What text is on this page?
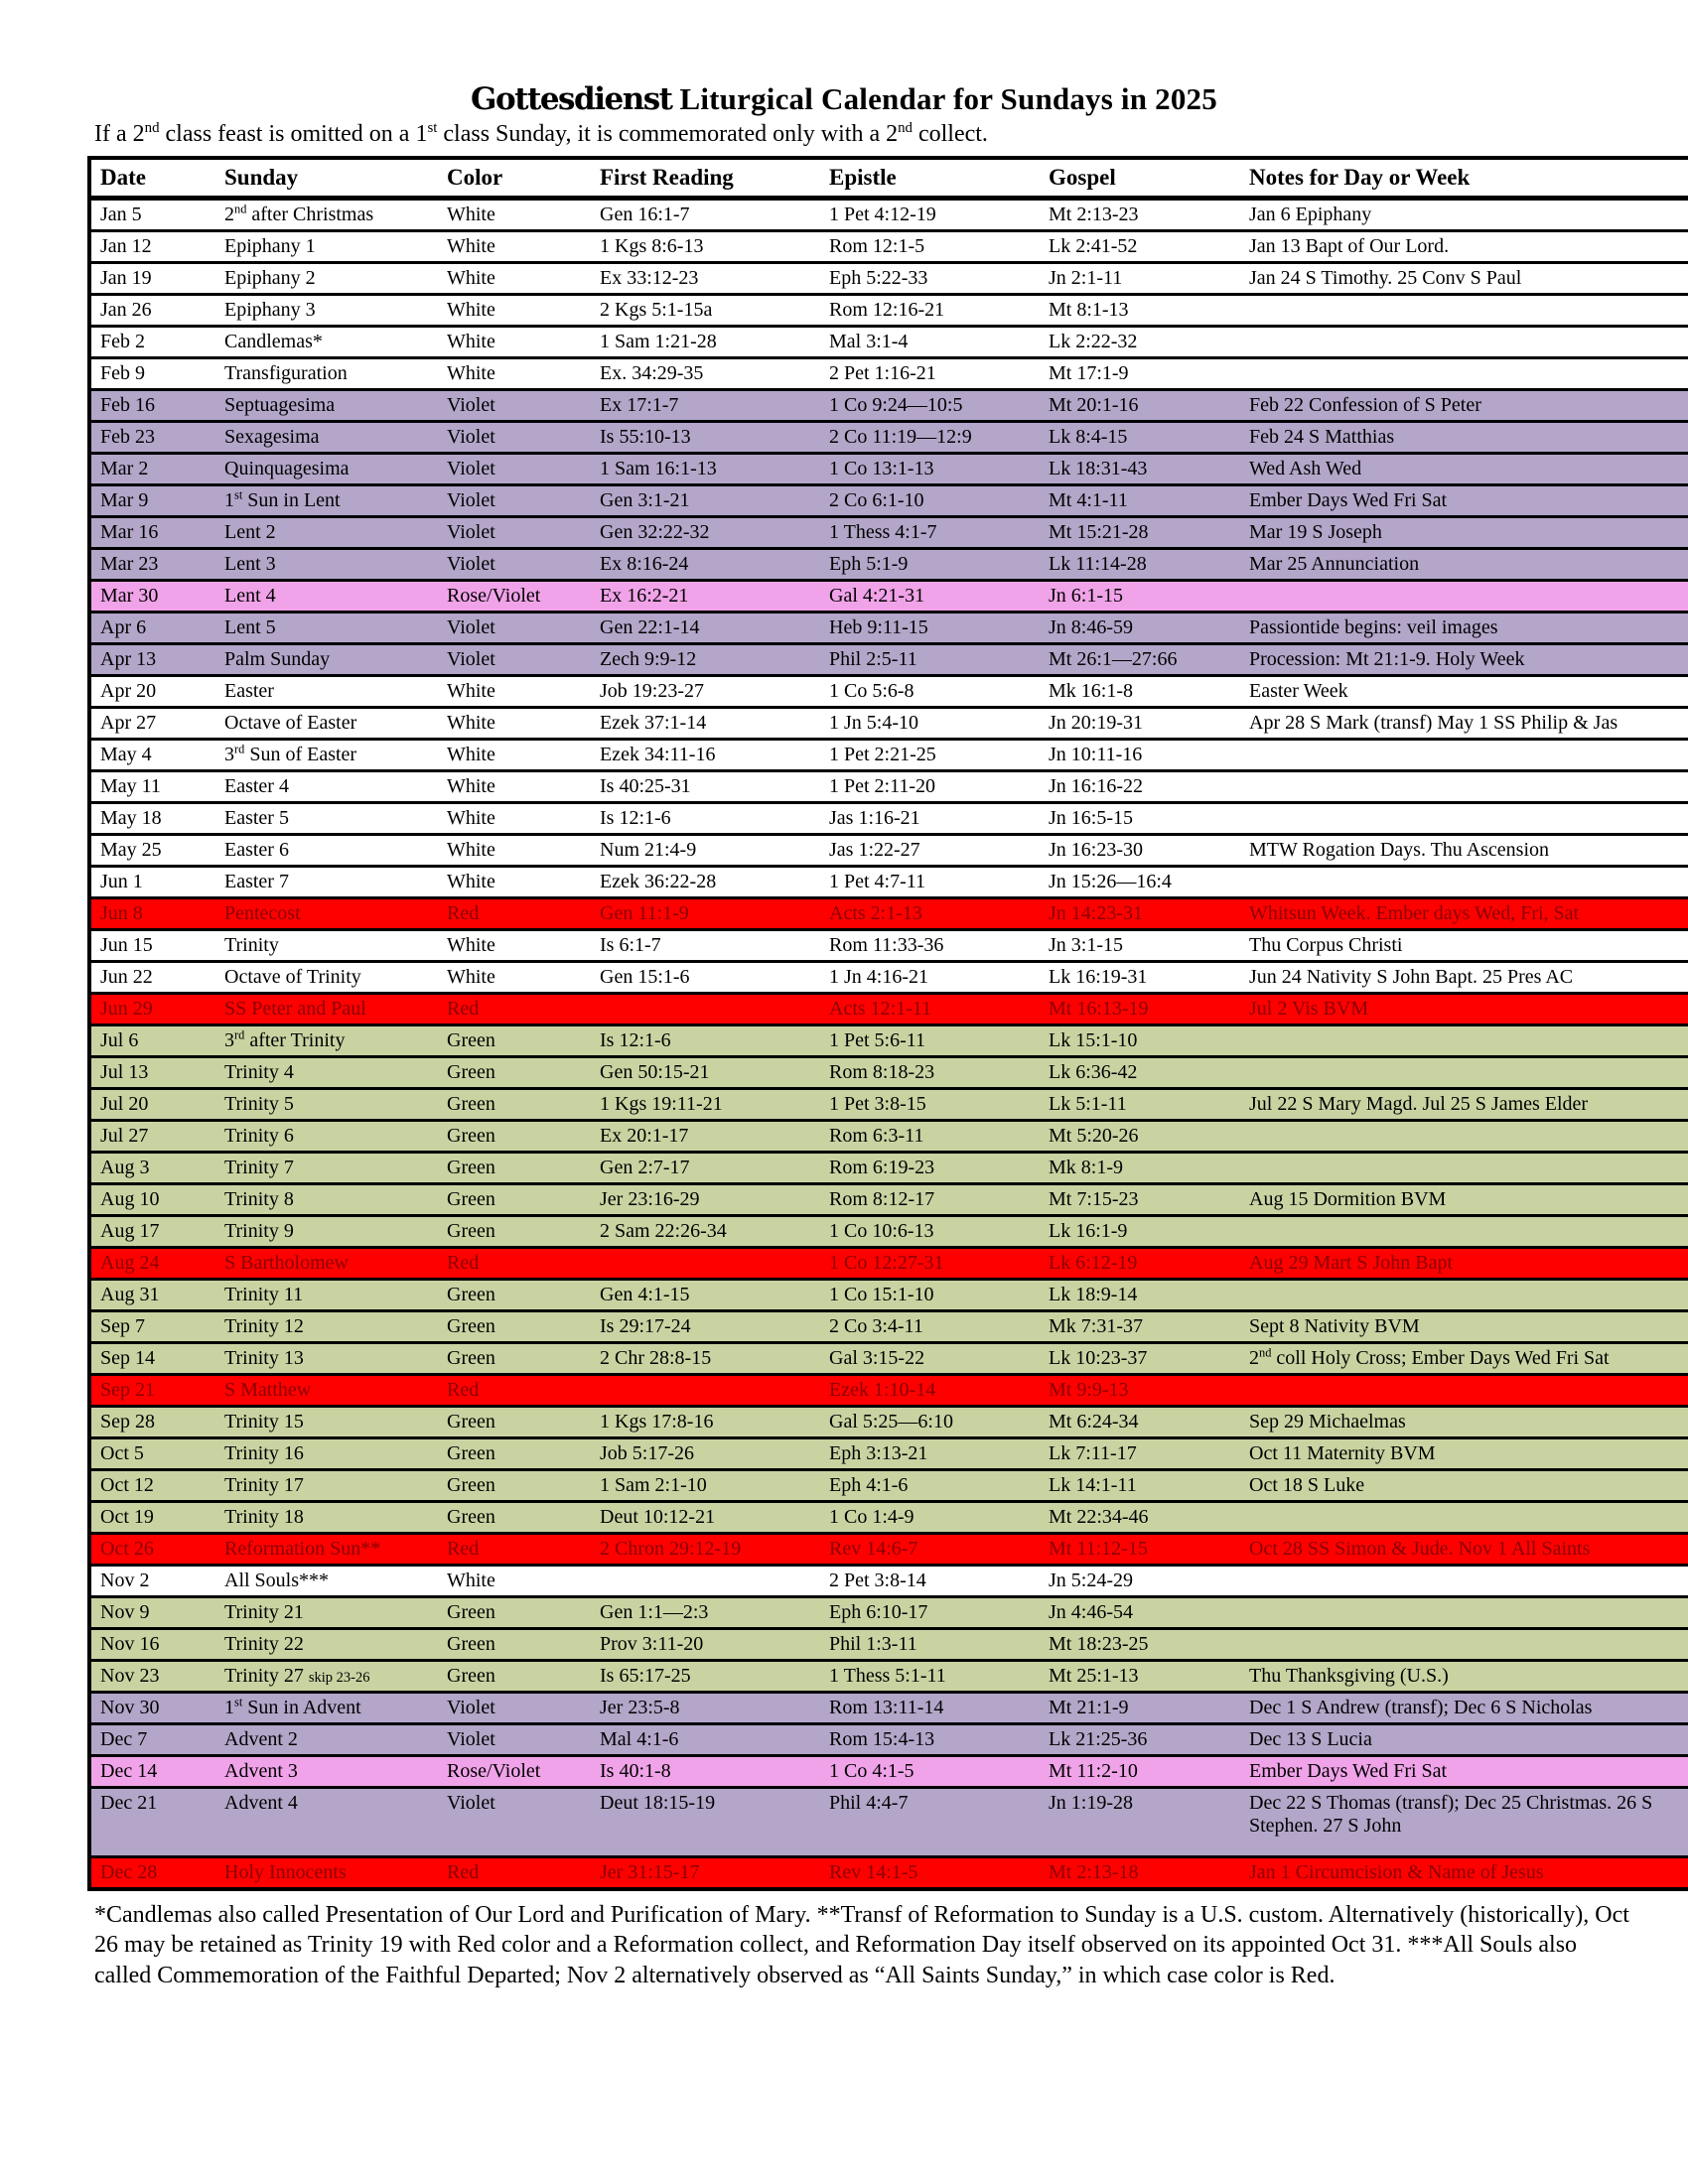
Gottesdienst Liturgical Calendar for Sundays in 2025
If a 2nd class feast is omitted on a 1st class Sunday, it is commemorated only with a 2nd collect.
Date	Sunday	Color	First Reading	Epistle	Gospel	Notes for Day or Week
Jan 5	2nd after Christmas	White	Gen 16:1-7	1 Pet 4:12-19	Mt 2:13-23	Jan 6 Epiphany
Jan 12	Epiphany 1	White	1 Kgs 8:6-13	Rom 12:1-5	Lk 2:41-52	Jan 13 Bapt of Our Lord.
Jan 19	Epiphany 2	White	Ex 33:12-23	Eph 5:22-33	Jn 2:1-11	Jan 24 S Timothy. 25 Conv S Paul
Jan 26	Epiphany 3	White	2 Kgs 5:1-15a	Rom 12:16-21	Mt 8:1-13	
Feb 2	Candlemas*	White	1 Sam 1:21-28	Mal 3:1-4	Lk 2:22-32	
Feb 9	Transfiguration	White	Ex. 34:29-35	2 Pet 1:16-21	Mt 17:1-9	
Feb 16	Septuagesima	Violet	Ex 17:1-7	1 Co 9:24—10:5	Mt 20:1-16	Feb 22 Confession of S Peter
Feb 23	Sexagesima	Violet	Is 55:10-13	2 Co 11:19—12:9	Lk 8:4-15	Feb 24 S Matthias
Mar 2	Quinquagesima	Violet	1 Sam 16:1-13	1 Co 13:1-13	Lk 18:31-43	Wed Ash Wed
Mar 9	1st Sun in Lent	Violet	Gen 3:1-21	2 Co 6:1-10	Mt 4:1-11	Ember Days Wed Fri Sat
Mar 16	Lent 2	Violet	Gen 32:22-32	1 Thess 4:1-7	Mt 15:21-28	Mar 19 S Joseph
Mar 23	Lent 3	Violet	Ex 8:16-24	Eph 5:1-9	Lk 11:14-28	Mar 25 Annunciation
Mar 30	Lent 4	Rose/Violet	Ex 16:2-21	Gal 4:21-31	Jn 6:1-15	
Apr 6	Lent 5	Violet	Gen 22:1-14	Heb 9:11-15	Jn 8:46-59	Passiontide begins: veil images
Apr 13	Palm Sunday	Violet	Zech 9:9-12	Phil 2:5-11	Mt 26:1—27:66	Procession: Mt 21:1-9. Holy Week
Apr 20	Easter	White	Job 19:23-27	1 Co 5:6-8	Mk 16:1-8	Easter Week
Apr 27	Octave of Easter	White	Ezek 37:1-14	1 Jn 5:4-10	Jn 20:19-31	Apr 28 S Mark (transf) May 1 SS Philip & Jas
May 4	3rd Sun of Easter	White	Ezek 34:11-16	1 Pet 2:21-25	Jn 10:11-16	
May 11	Easter 4	White	Is 40:25-31	1 Pet 2:11-20	Jn 16:16-22	
May 18	Easter 5	White	Is 12:1-6	Jas 1:16-21	Jn 16:5-15	
May 25	Easter 6	White	Num 21:4-9	Jas 1:22-27	Jn 16:23-30	MTW Rogation Days. Thu Ascension
Jun 1	Easter 7	White	Ezek 36:22-28	1 Pet 4:7-11	Jn 15:26—16:4	
Jun 8	Pentecost	Red	Gen 11:1-9	Acts 2:1-13	Jn 14:23-31	Whitsun Week. Ember days Wed, Fri, Sat
Jun 15	Trinity	White	Is 6:1-7	Rom 11:33-36	Jn 3:1-15	Thu Corpus Christi
Jun 22	Octave of Trinity	White	Gen 15:1-6	1 Jn 4:16-21	Lk 16:19-31	Jun 24 Nativity S John Bapt. 25 Pres AC
Jun 29	SS Peter and Paul	Red		Acts 12:1-11	Mt 16:13-19	Jul 2 Vis BVM
Jul 6	3rd after Trinity	Green	Is 12:1-6	1 Pet 5:6-11	Lk 15:1-10	
Jul 13	Trinity 4	Green	Gen 50:15-21	Rom 8:18-23	Lk 6:36-42	
Jul 20	Trinity 5	Green	1 Kgs 19:11-21	1 Pet 3:8-15	Lk 5:1-11	Jul 22 S Mary Magd. Jul 25 S James Elder
Jul 27	Trinity 6	Green	Ex 20:1-17	Rom 6:3-11	Mt 5:20-26	
Aug 3	Trinity 7	Green	Gen 2:7-17	Rom 6:19-23	Mk 8:1-9	
Aug 10	Trinity 8	Green	Jer 23:16-29	Rom 8:12-17	Mt 7:15-23	Aug 15 Dormition BVM
Aug 17	Trinity 9	Green	2 Sam 22:26-34	1 Co 10:6-13	Lk 16:1-9	
Aug 24	S Bartholomew	Red		1 Co 12:27-31	Lk 6:12-19	Aug 29 Mart S John Bapt
Aug 31	Trinity 11	Green	Gen 4:1-15	1 Co 15:1-10	Lk 18:9-14	
Sep 7	Trinity 12	Green	Is 29:17-24	2 Co 3:4-11	Mk 7:31-37	Sept 8 Nativity BVM
Sep 14	Trinity 13	Green	2 Chr 28:8-15	Gal 3:15-22	Lk 10:23-37	2nd coll Holy Cross; Ember Days Wed Fri Sat
Sep 21	S Matthew	Red		Ezek 1:10-14	Mt 9:9-13	
Sep 28	Trinity 15	Green	1 Kgs 17:8-16	Gal 5:25—6:10	Mt 6:24-34	Sep 29 Michaelmas
Oct 5	Trinity 16	Green	Job 5:17-26	Eph 3:13-21	Lk 7:11-17	Oct 11 Maternity BVM
Oct 12	Trinity 17	Green	1 Sam 2:1-10	Eph 4:1-6	Lk 14:1-11	Oct 18 S Luke
Oct 19	Trinity 18	Green	Deut 10:12-21	1 Co 1:4-9	Mt 22:34-46	
Oct 26	Reformation Sun**	Red	2 Chron 29:12-19	Rev 14:6-7	Mt 11:12-15	Oct 28 SS Simon & Jude. Nov 1 All Saints
Nov 2	All Souls***	White		2 Pet 3:8-14	Jn 5:24-29	
Nov 9	Trinity 21	Green	Gen 1:1—2:3	Eph 6:10-17	Jn 4:46-54	
Nov 16	Trinity 22	Green	Prov 3:11-20	Phil 1:3-11	Mt 18:23-25	
Nov 23	Trinity 27 skip 23-26	Green	Is 65:17-25	1 Thess 5:1-11	Mt 25:1-13	Thu Thanksgiving (U.S.)
Nov 30	1st Sun in Advent	Violet	Jer 23:5-8	Rom 13:11-14	Mt 21:1-9	Dec 1 S Andrew (transf); Dec 6 S Nicholas
Dec 7	Advent 2	Violet	Mal 4:1-6	Rom 15:4-13	Lk 21:25-36	Dec 13 S Lucia
Dec 14	Advent 3	Rose/Violet	Is 40:1-8	1 Co 4:1-5	Mt 11:2-10	Ember Days Wed Fri Sat
Dec 21	Advent 4	Violet	Deut 18:15-19	Phil 4:4-7	Jn 1:19-28	Dec 22 S Thomas (transf); Dec 25 Christmas. 26 S Stephen. 27 S John
Dec 28	Holy Innocents	Red	Jer 31:15-17	Rev 14:1-5	Mt 2:13-18	Jan 1 Circumcision & Name of Jesus
*Candlemas also called Presentation of Our Lord and Purification of Mary. **Transf of Reformation to Sunday is a U.S. custom. Alternatively (historically), Oct 26 may be retained as Trinity 19 with Red color and a Reformation collect, and Reformation Day itself observed on its appointed Oct 31. ***All Souls also called Commemoration of the Faithful Departed; Nov 2 alternatively observed as “All Saints Sunday,” in which case color is Red.
